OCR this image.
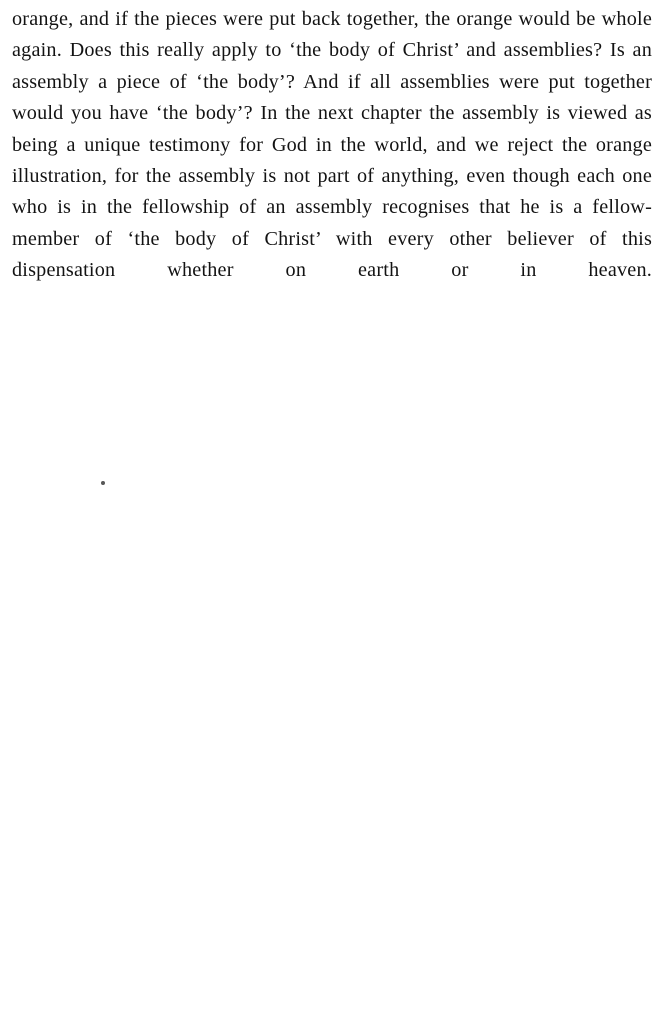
orange, and if the pieces were put back together, the orange would be whole again. Does this really apply to ‘the body of Christ’ and assemblies? Is an assembly a piece of ‘the body’? And if all assemblies were put together would you have ‘the body’? In the next chapter the assembly is viewed as being a unique testimony for God in the world, and we reject the orange illustration, for the assembly is not part of anything, even though each one who is in the fellowship of an assembly recognises that he is a fellow-member of ‘the body of Christ’ with every other believer of this dispensation whether on earth or in heaven.
